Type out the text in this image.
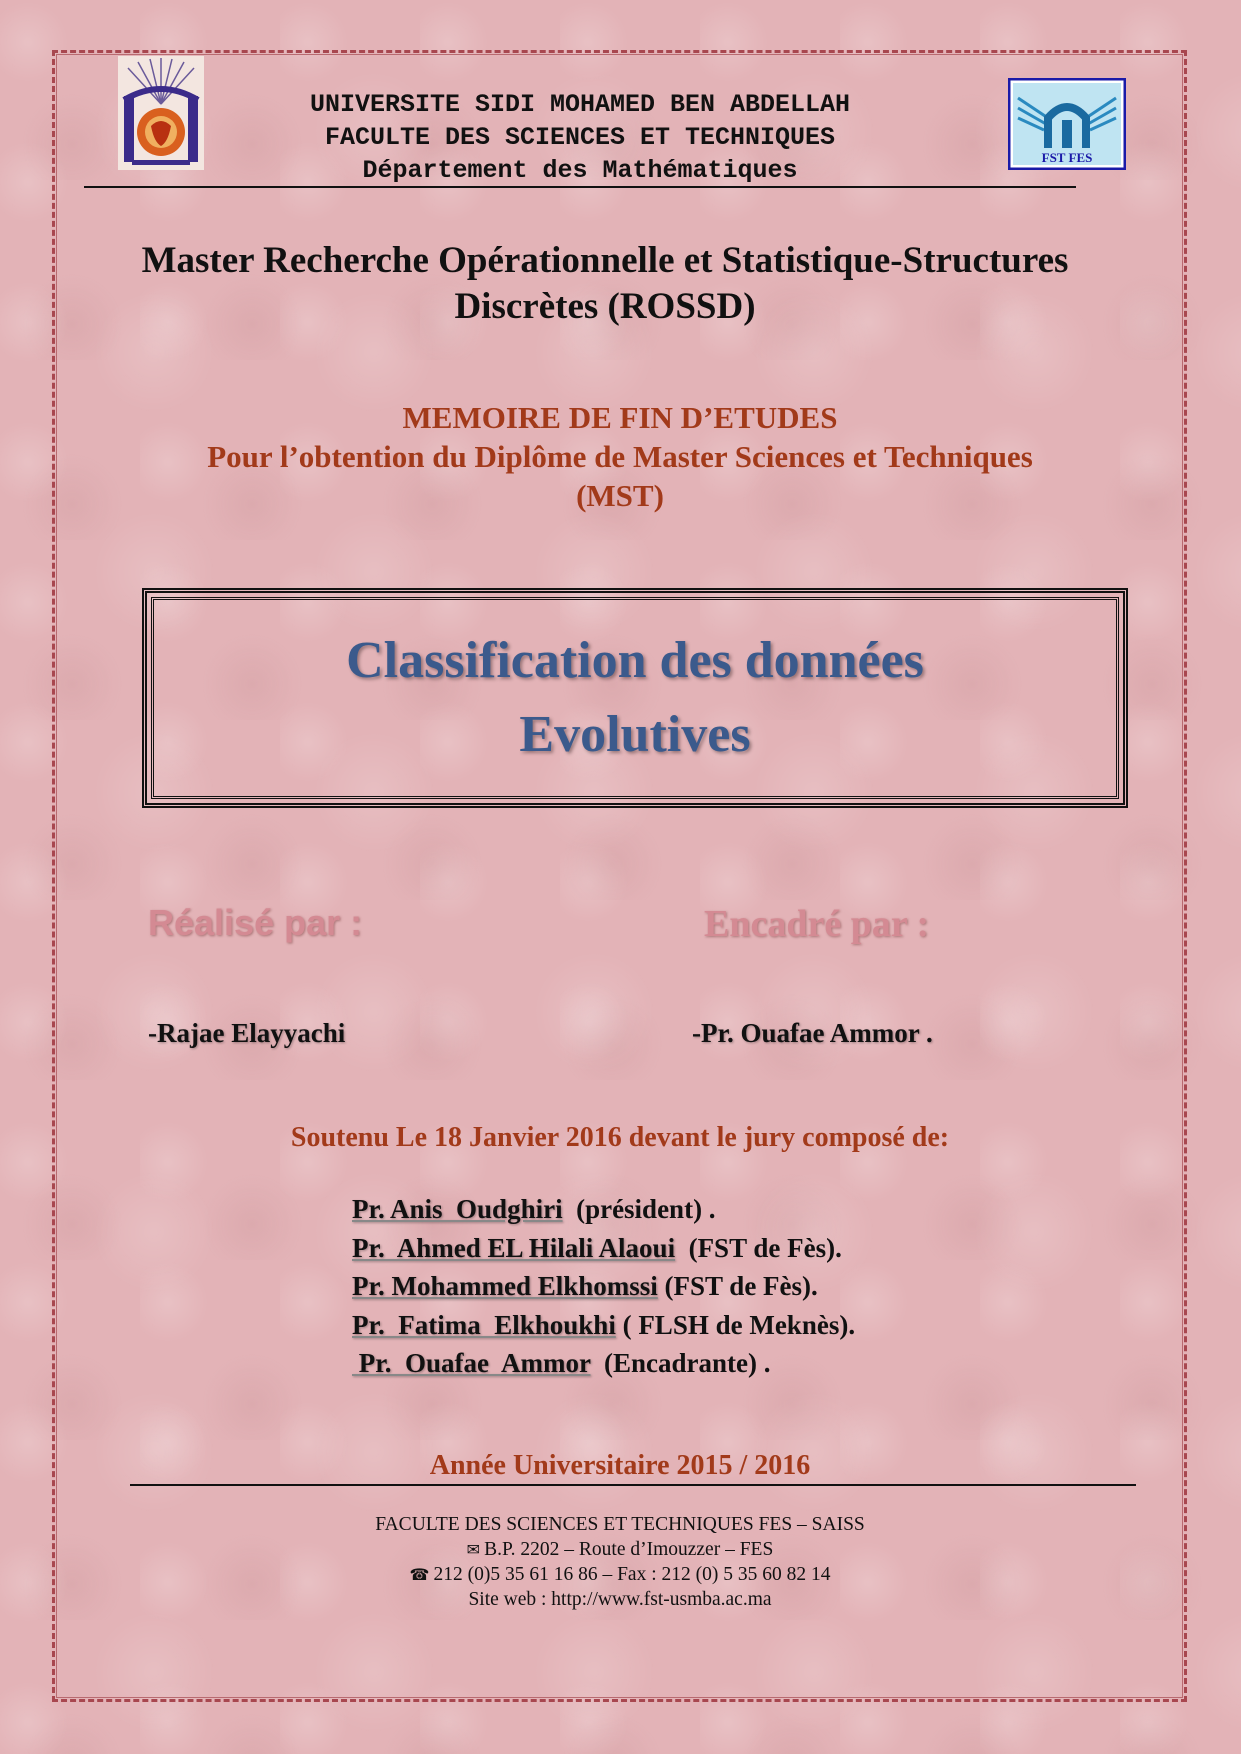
UNIVERSITE SIDI MOHAMED BEN ABDELLAH
FACULTE DES SCIENCES ET TECHNIQUES
Département des Mathématiques	FST FES
Master Recherche Opérationnelle et Statistique-Structures
Discrètes (ROSSD)
MEMOIRE DE FIN D’ETUDES
Pour l’obtention du Diplôme de Master Sciences et Techniques
(MST)
Classification des données
Evolutives
Réalisé par :	Encadré par :
-Rajae Elayyachi	-Pr. Ouafae Ammor .
Soutenu Le 18 Janvier 2016 devant le jury composé de:
Pr. Anis  Oudghiri  (président) .
Pr.  Ahmed EL Hilali Alaoui  (FST de Fès).
Pr. Mohammed Elkhomssi (FST de Fès).
Pr.  Fatima  Elkhoukhi ( FLSH de Meknès).
Pr.  Ouafae  Ammor  (Encadrante) .
Année Universitaire 2015 / 2016
FACULTE DES SCIENCES ET TECHNIQUES FES – SAISS
✉ B.P. 2202 – Route d’Imouzzer – FES
☎ 212 (0)5 35 61 16 86 – Fax : 212 (0) 5 35 60 82 14
Site web : http://www.fst-usmba.ac.ma
